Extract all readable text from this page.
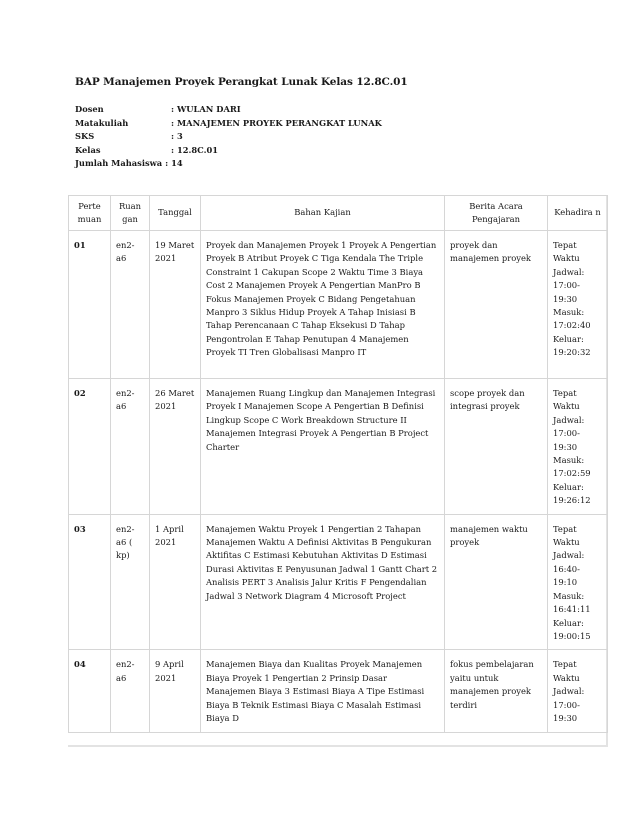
BAP Manajemen Proyek Perangkat Lunak Kelas 12.8C.01
Dosen	: WULAN DARI
Matakuliah	: MANAJEMEN PROYEK PERANGKAT LUNAK
SKS	: 3
Kelas	: 12.8C.01
Jumlah Mahasiswa : 14
Perte muan	Ruan gan	Tanggal	Bahan Kajian	Berita Acara Pengajaran	Kehadira n
01	en2- a6	19 Maret 2021	Proyek dan Manajemen Proyek 1 Proyek A Pengertian Proyek B Atribut Proyek C Tiga Kendala The Triple Constraint 1 Cakupan Scope 2 Waktu Time 3 Biaya Cost 2 Manajemen Proyek A Pengertian ManPro B Fokus Manajemen Proyek C Bidang Pengetahuan Manpro 3 Siklus Hidup Proyek A Tahap Inisiasi B Tahap Perencanaan C Tahap Eksekusi D Tahap Pengontrolan E Tahap Penutupan 4 Manajemen Proyek TI Tren Globalisasi Manpro IT	proyek dan manajemen proyek	Tepat Waktu Jadwal: 17:00- 19:30 Masuk: 17:02:40 Keluar: 19:20:32
02	en2- a6	26 Maret 2021	Manajemen Ruang Lingkup dan Manajemen Integrasi Proyek I Manajemen Scope A Pengertian B Definisi Lingkup Scope C Work Breakdown Structure II Manajemen Integrasi Proyek A Pengertian B Project Charter	scope proyek dan integrasi proyek	Tepat Waktu Jadwal: 17:00- 19:30 Masuk: 17:02:59 Keluar: 19:26:12
03	en2- a6 ( kp)	1 April 2021	Manajemen Waktu Proyek 1 Pengertian 2 Tahapan Manajemen Waktu A Definisi Aktivitas B Pengukuran Aktifitas C Estimasi Kebutuhan Aktivitas D Estimasi Durasi Aktivitas E Penyusunan Jadwal 1 Gantt Chart 2 Analisis PERT 3 Analisis Jalur Kritis F Pengendalian Jadwal 3 Network Diagram 4 Microsoft Project	manajemen waktu proyek	Tepat Waktu Jadwal: 16:40- 19:10 Masuk: 16:41:11 Keluar: 19:00:15
04	en2- a6	9 April 2021	Manajemen Biaya dan Kualitas Proyek Manajemen Biaya Proyek 1 Pengertian 2 Prinsip Dasar Manajemen Biaya 3 Estimasi Biaya A Tipe Estimasi Biaya B Teknik Estimasi Biaya C Masalah Estimasi Biaya D	fokus pembelajaran yaitu untuk manajemen proyek terdiri	Tepat Waktu Jadwal: 17:00- 19:30
